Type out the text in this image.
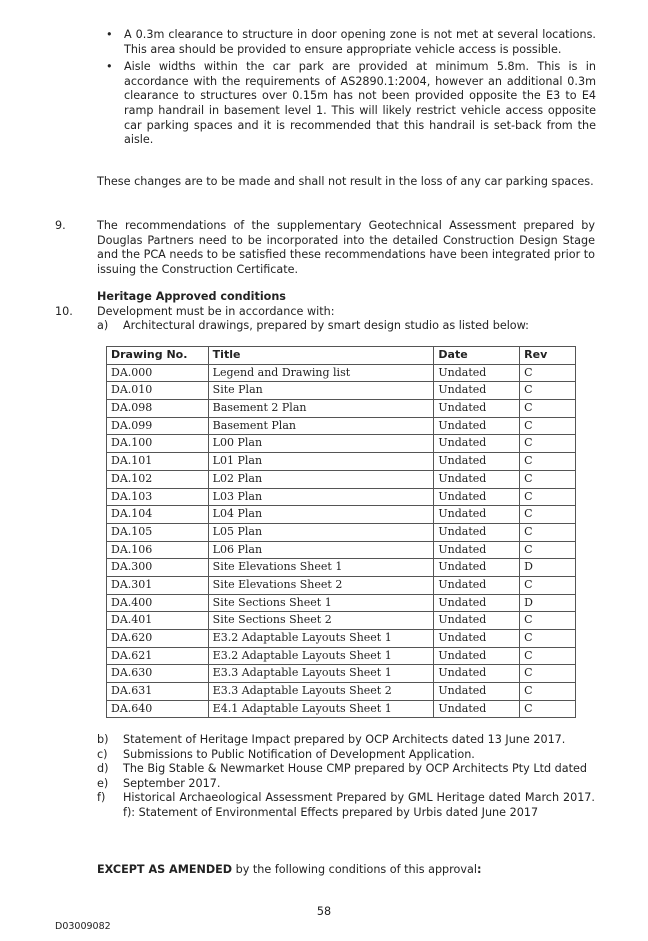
• A 0.3m clearance to structure in door opening zone is not met at several locations. This area should be provided to ensure appropriate vehicle access is possible.
• Aisle widths within the car park are provided at minimum 5.8m. This is in accordance with the requirements of AS2890.1:2004, however an additional 0.3m clearance to structures over 0.15m has not been provided opposite the E3 to E4 ramp handrail in basement level 1. This will likely restrict vehicle access opposite car parking spaces and it is recommended that this handrail is set-back from the aisle.
These changes are to be made and shall not result in the loss of any car parking spaces.
9.	The recommendations of the supplementary Geotechnical Assessment prepared by Douglas Partners need to be incorporated into the detailed Construction Design Stage and the PCA needs to be satisfied these recommendations have been integrated prior to issuing the Construction Certificate.
Heritage Approved conditions
10. Development must be in accordance with:
a) Architectural drawings, prepared by smart design studio as listed below:
Drawing No.	Title	Date	Rev
DA.000	Legend and Drawing list	Undated	C
DA.010	Site Plan	Undated	C
DA.098	Basement 2 Plan	Undated	C
DA.099	Basement Plan	Undated	C
DA.100	L00 Plan	Undated	C
DA.101	L01 Plan	Undated	C
DA.102	L02 Plan	Undated	C
DA.103	L03 Plan	Undated	C
DA.104	L04 Plan	Undated	C
DA.105	L05 Plan	Undated	C
DA.106	L06 Plan	Undated	C
DA.300	Site Elevations Sheet 1	Undated	D
DA.301	Site Elevations Sheet 2	Undated	C
DA.400	Site Sections Sheet 1	Undated	D
DA.401	Site Sections Sheet 2	Undated	C
DA.620	E3.2 Adaptable Layouts Sheet 1	Undated	C
DA.621	E3.2 Adaptable Layouts Sheet 1	Undated	C
DA.630	E3.3 Adaptable Layouts Sheet 1	Undated	C
DA.631	E3.3 Adaptable Layouts Sheet 2	Undated	C
DA.640	E4.1 Adaptable Layouts Sheet 1	Undated	C
b) Statement of Heritage Impact prepared by OCP Architects dated 13 June 2017.
c) Submissions to Public Notification of Development Application.
d) The Big Stable & Newmarket House CMP prepared by OCP Architects Pty Ltd dated
e) September 2017.
f) Historical Archaeological Assessment Prepared by GML Heritage dated March 2017. f): Statement of Environmental Effects prepared by Urbis dated June 2017
EXCEPT AS AMENDED by the following conditions of this approval:
58
D03009082
